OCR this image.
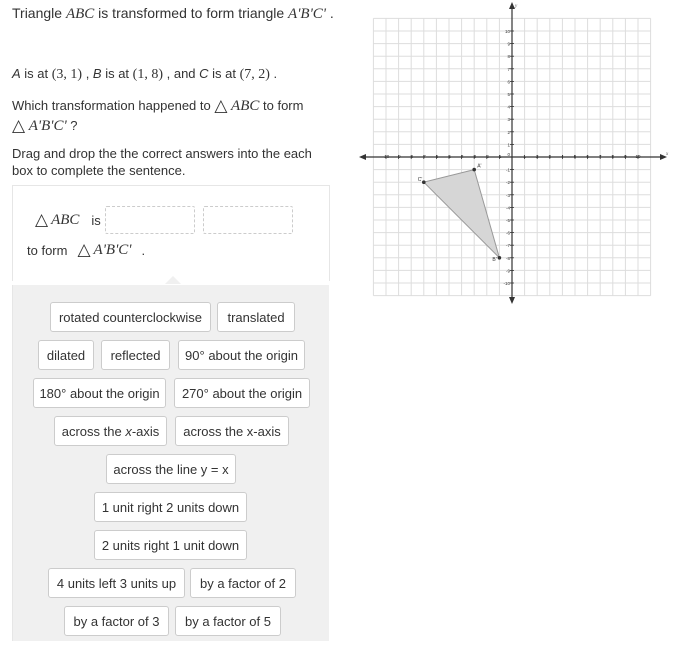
Triangle ABC is transformed to form triangle A'B'C' .
A is at (3, 1) , B is at (1, 8) , and C is at (7, 2) .
Which transformation happened to △ ABC to form
△ A'B'C' ?
Drag and drop the the correct answers into the each box to complete the sentence.
△ ABC is
to form △ A'B'C' .
rotated counterclockwise	translated
dilated	reflected	90° about the origin
180° about the origin	270° about the origin
across the x-axis	across the x-axis
across the line y = x
1 unit right 2 units down
2 units right 1 unit down
4 units left 3 units up	by a factor of 2
by a factor of 3	by a factor of 5
x
y
-10 -9 -8 -7 -6 -5 -4 -3 -2 -1	1 2 3 4 5 6 7 8 9 10
10
9
8
7
6
5
4
3
2
1
-1
-2
-3
-4
-5
-6
-7
-8
-9
-10
0
A'
B'
C'
